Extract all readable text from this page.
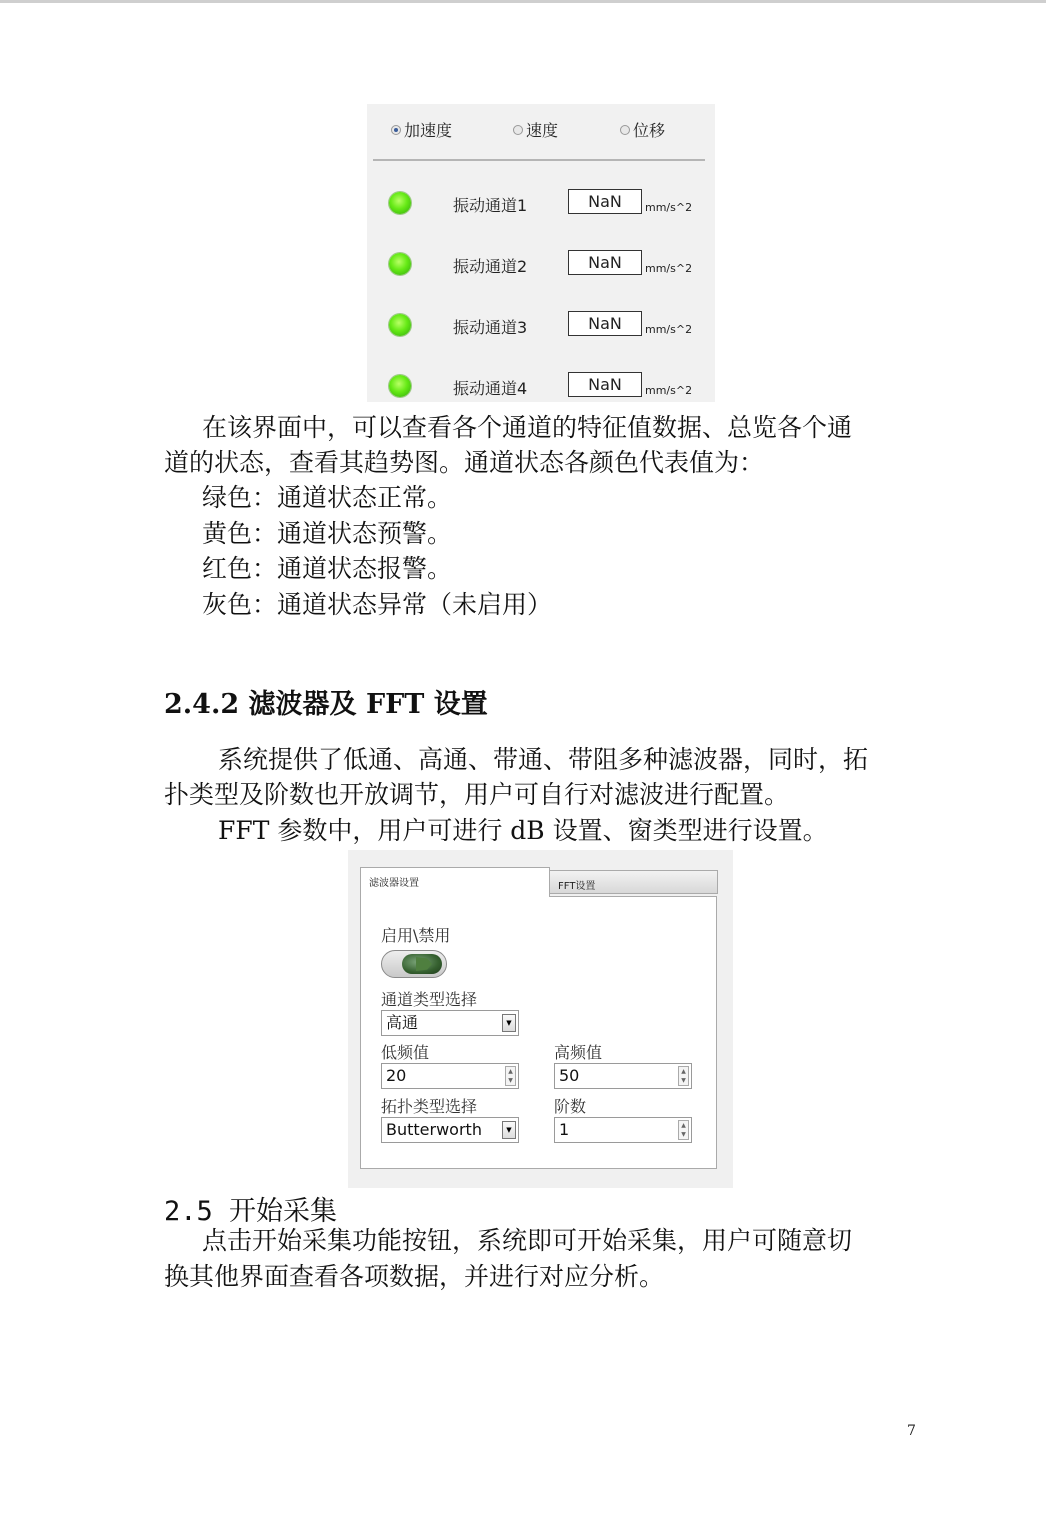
加速度	速度	位移
振动通道1	NaN	mm/s^2
振动通道2	NaN	mm/s^2
振动通道3	NaN	mm/s^2
振动通道4	NaN	mm/s^2
在该界面中，可以查看各个通道的特征值数据、总览各个通
道的状态，查看其趋势图。通道状态各颜色代表值为：
绿色：通道状态正常。
黄色：通道状态预警。
红色：通道状态报警。
灰色：通道状态异常（未启用）
2.4.2 滤波器及 FFT 设置
系统提供了低通、高通、带通、带阻多种滤波器，同时，拓
扑类型及阶数也开放调节，用户可自行对滤波进行配置。
FFT 参数中，用户可进行 dB 设置、窗类型进行设置。
滤波器设置	FFT设置
启用\禁用
通道类型选择
高通	▼
低频值
20	▲
▼
高频值
50	▲
▼
拓扑类型选择
Butterworth	▼
阶数
1	▲
▼
2.5 开始采集
点击开始采集功能按钮，系统即可开始采集，用户可随意切
换其他界面查看各项数据，并进行对应分析。
7
